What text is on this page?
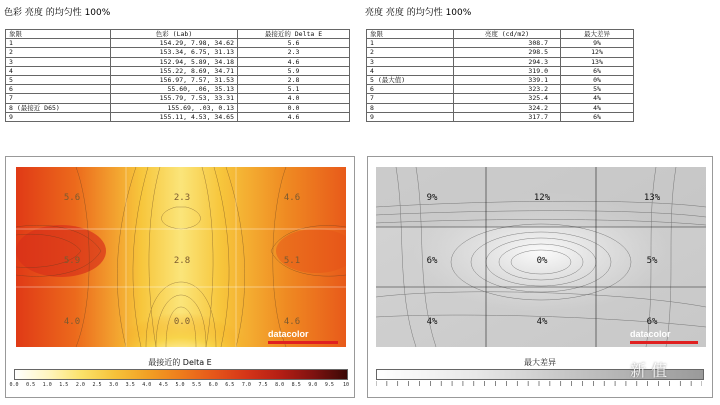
色彩 亮度 的均匀性 100%	亮度 亮度 的均匀性 100%
象限	色彩 (Lab)	最接近的 Delta E
1	154.29, 7.98, 34.62	5.6
2	153.34, 6.75, 31.13	2.3
3	152.94, 5.89, 34.18	4.6
4	155.22, 8.69, 34.71	5.9
5	156.97, 7.57, 31.53	2.8
6	55.60, .06, 35.13	5.1
7	155.79, 7.53, 33.31	4.0
8 (最接近 D65)	155.69, .03, 0.13	0.0
9	155.11, 4.53, 34.65	4.6
象限	亮度 (cd/m2)	最大差异
1	308.7	9%
2	298.5	12%
3	294.3	13%
4	319.0	6%
5 (最大值)	339.1	0%
6	323.2	5%
7	325.4	4%
8	324.2	4%
9	317.7	6%
5.6	2.3	4.6
5.9	2.8	5.1
4.0	0.0	4.6
datacolor
最接近的 Delta E
0.0 0.5 1.0 1.5 2.0 2.5 3.0 3.5 4.0 4.5 5.0 5.5 6.0 6.5 7.0 7.5 8.0 8.5 9.0 9.5	10
9%	12%	13%
6%	0%	5%
4%	4%	6%
datacolor
最大差异	新 值
